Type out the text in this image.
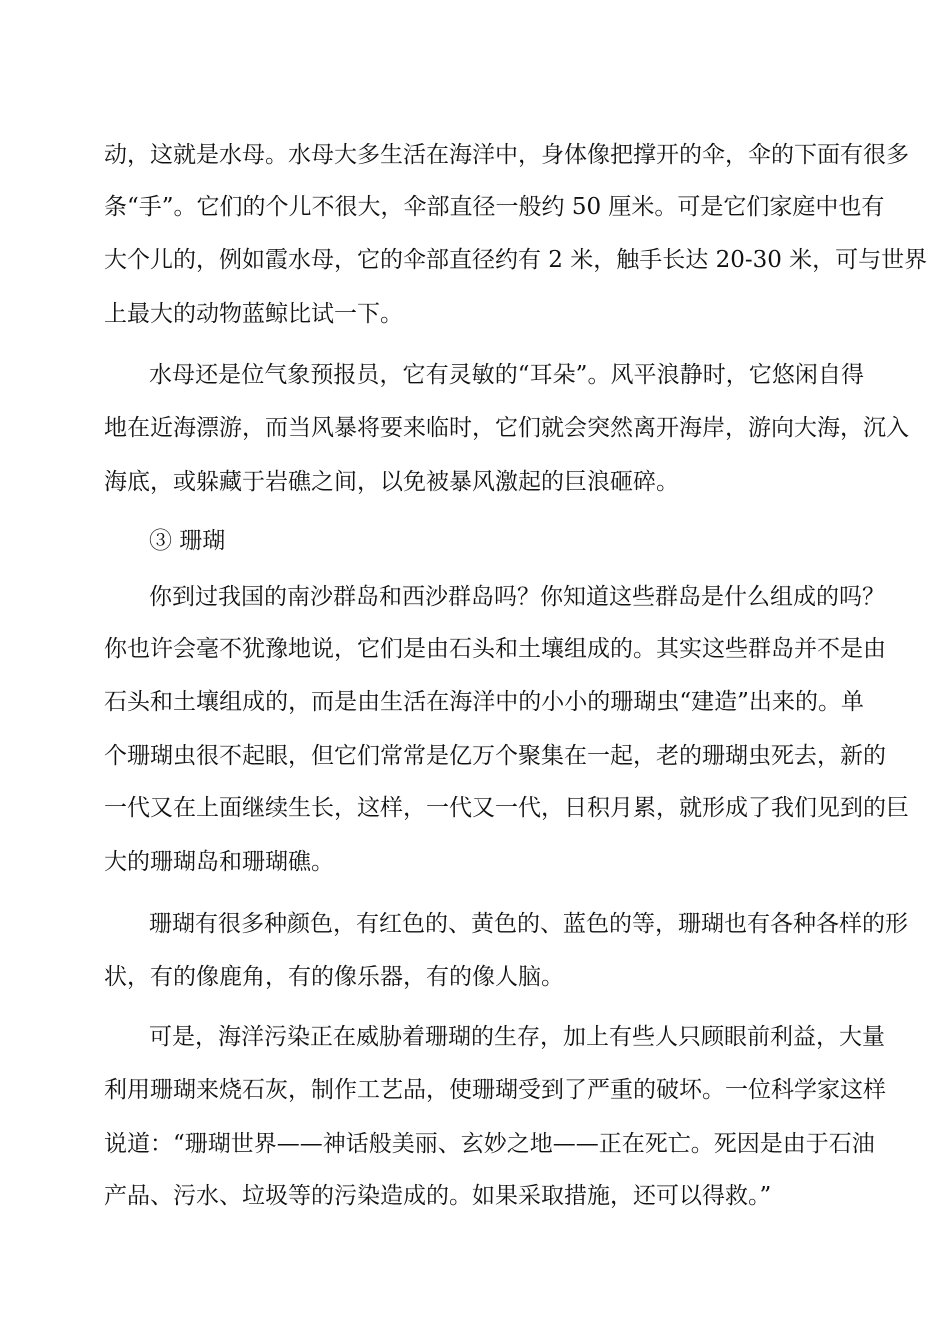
动，这就是水母。水母大多生活在海洋中，身体像把撑开的伞，伞的下面有很多
条“手”。它们的个儿不很大，伞部直径一般约 50 厘米。可是它们家庭中也有
大个儿的，例如霞水母，它的伞部直径约有 2 米，触手长达 20-30 米，可与世界
上最大的动物蓝鲸比试一下。
水母还是位气象预报员，它有灵敏的“耳朵”。风平浪静时，它悠闲自得
地在近海漂游，而当风暴将要来临时，它们就会突然离开海岸，游向大海，沉入
海底，或躲藏于岩礁之间，以免被暴风激起的巨浪砸碎。
③ 珊瑚
你到过我国的南沙群岛和西沙群岛吗？你知道这些群岛是什么组成的吗？
你也许会毫不犹豫地说，它们是由石头和土壤组成的。其实这些群岛并不是由
石头和土壤组成的，而是由生活在海洋中的小小的珊瑚虫“建造”出来的。单
个珊瑚虫很不起眼，但它们常常是亿万个聚集在一起，老的珊瑚虫死去，新的
一代又在上面继续生长，这样，一代又一代，日积月累，就形成了我们见到的巨
大的珊瑚岛和珊瑚礁。
珊瑚有很多种颜色，有红色的、黄色的、蓝色的等，珊瑚也有各种各样的形
状，有的像鹿角，有的像乐器，有的像人脑。
可是，海洋污染正在威胁着珊瑚的生存，加上有些人只顾眼前利益，大量
利用珊瑚来烧石灰，制作工艺品，使珊瑚受到了严重的破坏。一位科学家这样
说道：“珊瑚世界——神话般美丽、玄妙之地——正在死亡。死因是由于石油
产品、污水、垃圾等的污染造成的。如果采取措施，还可以得救。”
